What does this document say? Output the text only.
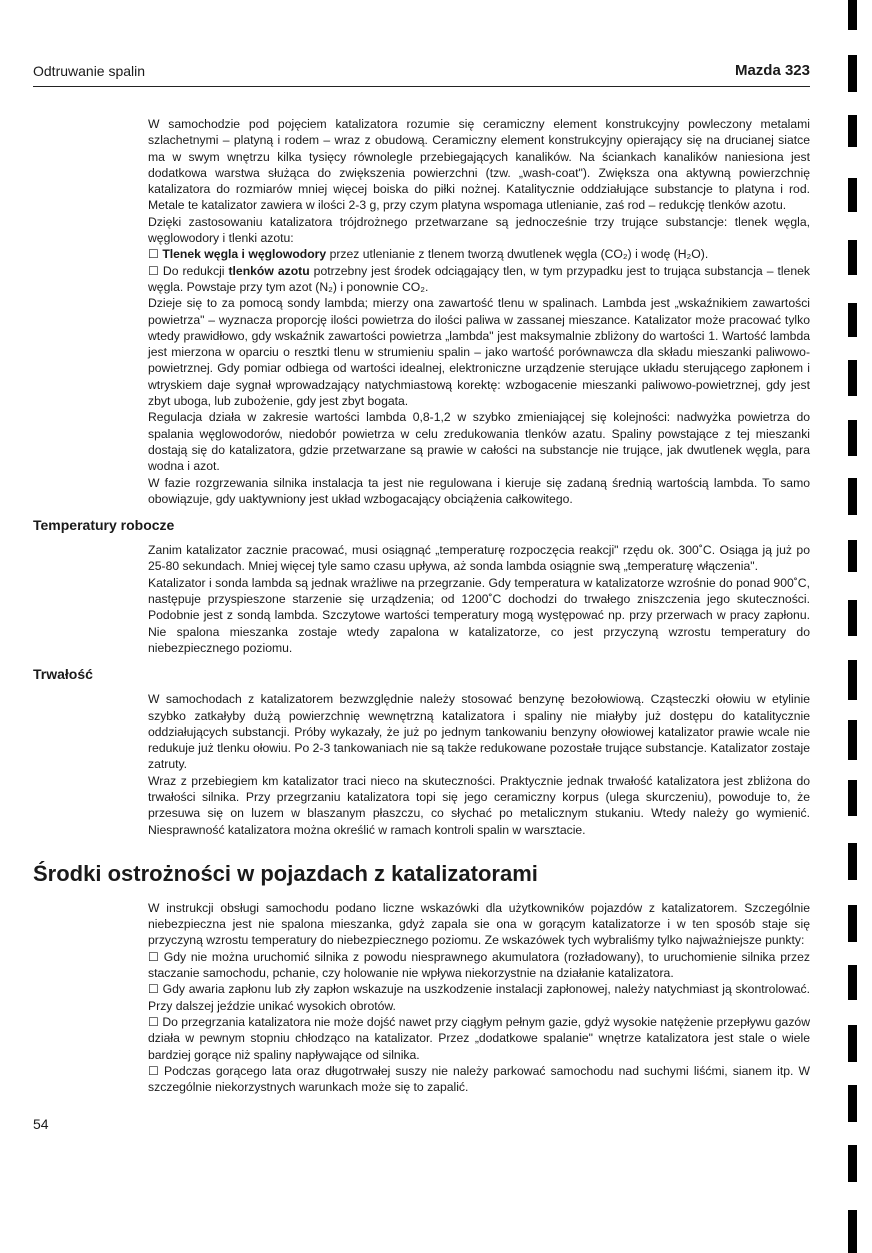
Odtruwanie spalin	Mazda 323

W samochodzie pod pojęciem katalizatora rozumie się ceramiczny element konstrukcyjny powleczony metalami szlachetnymi – platyną i rodem – wraz z obudową. Ceramiczny element konstrukcyjny opierający się na drucianej siatce ma w swym wnętrzu kilka tysięcy równolegle przebiegających kanalików. Na ściankach kanalików naniesiona jest dodatkowa warstwa służąca do zwiększenia powierzchni (tzw. „wash-coat"). Zwiększa ona aktywną powierzchnię katalizatora do rozmiarów mniej więcej boiska do piłki nożnej. Katalitycznie oddziałujące substancje to platyna i rod. Metale te katalizator zawiera w ilości 2-3 g, przy czym platyna wspomaga utlenianie, zaś rod – redukcję tlenków azotu.

Dzięki zastosowaniu katalizatora trójdrożnego przetwarzane są jednocześnie trzy trujące substancje: tlenek węgla, węglowodory i tlenki azotu:

☐ Tlenek węgla i węglowodory przez utlenianie z tlenem tworzą dwutlenek węgla (CO₂) i wodę (H₂O).

☐ Do redukcji tlenków azotu potrzebny jest środek odciągający tlen, w tym przypadku jest to trująca substancja – tlenek węgla. Powstaje przy tym azot (N₂) i ponownie CO₂.

Dzieje się to za pomocą sondy lambda; mierzy ona zawartość tlenu w spalinach. Lambda jest „wskaźnikiem zawartości powietrza" – wyznacza proporcję ilości powietrza do ilości paliwa w zassanej mieszance. Katalizator może pracować tylko wtedy prawidłowo, gdy wskaźnik zawartości powietrza „lambda" jest maksymalnie zbliżony do wartości 1. Wartość lambda jest mierzona w oparciu o resztki tlenu w strumieniu spalin – jako wartość porównawcza dla składu mieszanki paliwowo-powietrznej. Gdy pomiar odbiega od wartości idealnej, elektroniczne urządzenie sterujące układu sterującego zapłonem i wtryskiem daje sygnał wprowadzający natychmiastową korektę: wzbogacenie mieszanki paliwowo-powietrznej, gdy jest zbyt uboga, lub zubożenie, gdy jest zbyt bogata.

Regulacja działa w zakresie wartości lambda 0,8-1,2 w szybko zmieniającej się kolejności: nadwyżka powietrza do spalania węglowodorów, niedobór powietrza w celu zredukowania tlenków azatu. Spaliny powstające z tej mieszanki dostają się do katalizatora, gdzie przetwarzane są prawie w całości na substancje nie trujące, jak dwutlenek węgla, para wodna i azot.

W fazie rozgrzewania silnika instalacja ta jest nie regulowana i kieruje się zadaną średnią wartością lambda. To samo obowiązuje, gdy uaktywniony jest układ wzbogacający obciążenia całkowitego.

Temperatury robocze

Zanim katalizator zacznie pracować, musi osiągnąć „temperaturę rozpoczęcia reakcji" rzędu ok. 300˚C. Osiąga ją już po 25-80 sekundach. Mniej więcej tyle samo czasu upływa, aż sonda lambda osiągnie swą „temperaturę włączenia".

Katalizator i sonda lambda są jednak wrażliwe na przegrzanie. Gdy temperatura w katalizatorze wzrośnie do ponad 900˚C, następuje przyspieszone starzenie się urządzenia; od 1200˚C dochodzi do trwałego zniszczenia jego skuteczności. Podobnie jest z sondą lambda. Szczytowe wartości temperatury mogą występować np. przy przerwach w pracy zapłonu. Nie spalona mieszanka zostaje wtedy zapalona w katalizatorze, co jest przyczyną wzrostu temperatury do niebezpiecznego poziomu.

Trwałość

W samochodach z katalizatorem bezwzględnie należy stosować benzynę bezołowiową. Cząsteczki ołowiu w etylinie szybko zatkałyby dużą powierzchnię wewnętrzną katalizatora i spaliny nie miałyby już dostępu do katalitycznie oddziałujących substancji. Próby wykazały, że już po jednym tankowaniu benzyny ołowiowej katalizator prawie wcale nie redukuje już tlenku ołowiu. Po 2-3 tankowaniach nie są także redukowane pozostałe trujące substancje. Katalizator zostaje zatruty.

Wraz z przebiegiem km katalizator traci nieco na skuteczności. Praktycznie jednak trwałość katalizatora jest zbliżona do trwałości silnika. Przy przegrzaniu katalizatora topi się jego ceramiczny korpus (ulega skurczeniu), powoduje to, że przesuwa się on luzem w blaszanym płaszczu, co słychać po metalicznym stukaniu. Wtedy należy go wymienić. Niesprawność katalizatora można określić w ramach kontroli spalin w warsztacie.

Środki ostrożności w pojazdach z katalizatorami

W instrukcji obsługi samochodu podano liczne wskazówki dla użytkowników pojazdów z katalizatorem. Szczególnie niebezpieczna jest nie spalona mieszanka, gdyż zapala sie ona w gorącym katalizatorze i w ten sposób staje się przyczyną wzrostu temperatury do niebezpiecznego poziomu. Ze wskazówek tych wybraliśmy tylko najważniejsze punkty:

☐ Gdy nie można uruchomić silnika z powodu niesprawnego akumulatora (rozładowany), to uruchomienie silnika przez staczanie samochodu, pchanie, czy holowanie nie wpływa niekorzystnie na działanie katalizatora.

☐ Gdy awaria zapłonu lub zły zapłon wskazuje na uszkodzenie instalacji zapłonowej, należy natychmiast ją skontrolować. Przy dalszej jeździe unikać wysokich obrotów.

☐ Do przegrzania katalizatora nie może dojść nawet przy ciągłym pełnym gazie, gdyż wysokie natężenie przepływu gazów działa w pewnym stopniu chłodząco na katalizator. Przez „dodatkowe spalanie" wnętrze katalizatora jest stale o wiele bardziej gorące niż spaliny napływające od silnika.

☐ Podczas gorącego lata oraz długotrwałej suszy nie należy parkować samochodu nad suchymi liśćmi, sianem itp. W szczególnie niekorzystnych warunkach może się to zapalić.

54
